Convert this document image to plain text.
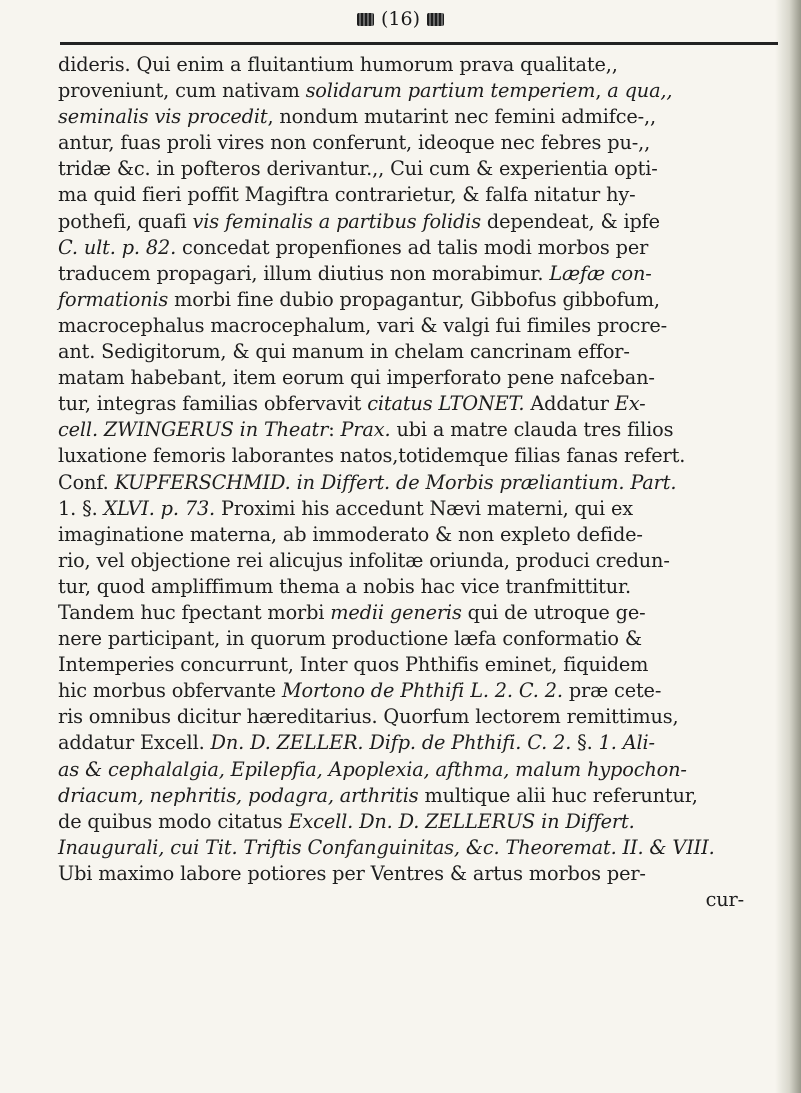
(16)
dideris. Qui enim a fluitantium humorum prava qualitate,,
proveniunt, cum nativam solidarum partium temperiem, a qua,,
seminalis vis procedit, nondum mutarint nec femini admifce-,,
antur, fuas proli vires non conferunt, ideoque nec febres pu-,,
tridæ &c. in pofteros derivantur.,, Cui cum & experientia opti-
ma quid fieri poffit Magiftra contrarietur, & falfa nitatur hy-
pothefi, quafi vis feminalis a partibus folidis dependeat, & ipfe
C. ult. p. 82. concedat propenfiones ad talis modi morbos per
traducem propagari, illum diutius non morabimur. Læfæ con-
formationis morbi fine dubio propagantur, Gibbofus gibbofum,
macrocephalus macrocephalum, vari & valgi fui fimiles procre-
ant. Sedigitorum, & qui manum in chelam cancrinam effor-
matam habebant, item eorum qui imperforato pene nafceban-
tur, integras familias obfervavit citatus LTONET. Addatur Ex-
cell. ZWINGERUS in Theatr: Prax. ubi a matre clauda tres filios
luxatione femoris laborantes natos,totidemque filias fanas refert.
Conf. KUPFERSCHMID. in Differt. de Morbis præliantium. Part.
1. §. XLVI. p. 73. Proximi his accedunt Nævi materni, qui ex
imaginatione materna, ab immoderato & non expleto defide-
rio, vel objectione rei alicujus infolitæ oriunda, produci credun-
tur, quod ampliffimum thema a nobis hac vice tranfmittitur.
Tandem huc fpectant morbi medii generis qui de utroque ge-
nere participant, in quorum productione læfa conformatio &
Intemperies concurrunt, Inter quos Phthifis eminet, fiquidem
hic morbus obfervante Mortono de Phthifi L. 2. C. 2. præ cete-
ris omnibus dicitur hæreditarius. Quorfum lectorem remittimus,
addatur Excell. Dn. D. ZELLER. Difp. de Phthifi. C. 2. §. 1. Ali-
as & cephalalgia, Epilepfia, Apoplexia, afthma, malum hypochon-
driacum, nephritis, podagra, arthritis multique alii huc referuntur,
de quibus modo citatus Excell. Dn. D. ZELLERUS in Differt.
Inaugurali, cui Tit. Triftis Confanguinitas, &c. Theoremat. II. & VIII.
Ubi maximo labore potiores per Ventres & artus morbos per-
cur-
